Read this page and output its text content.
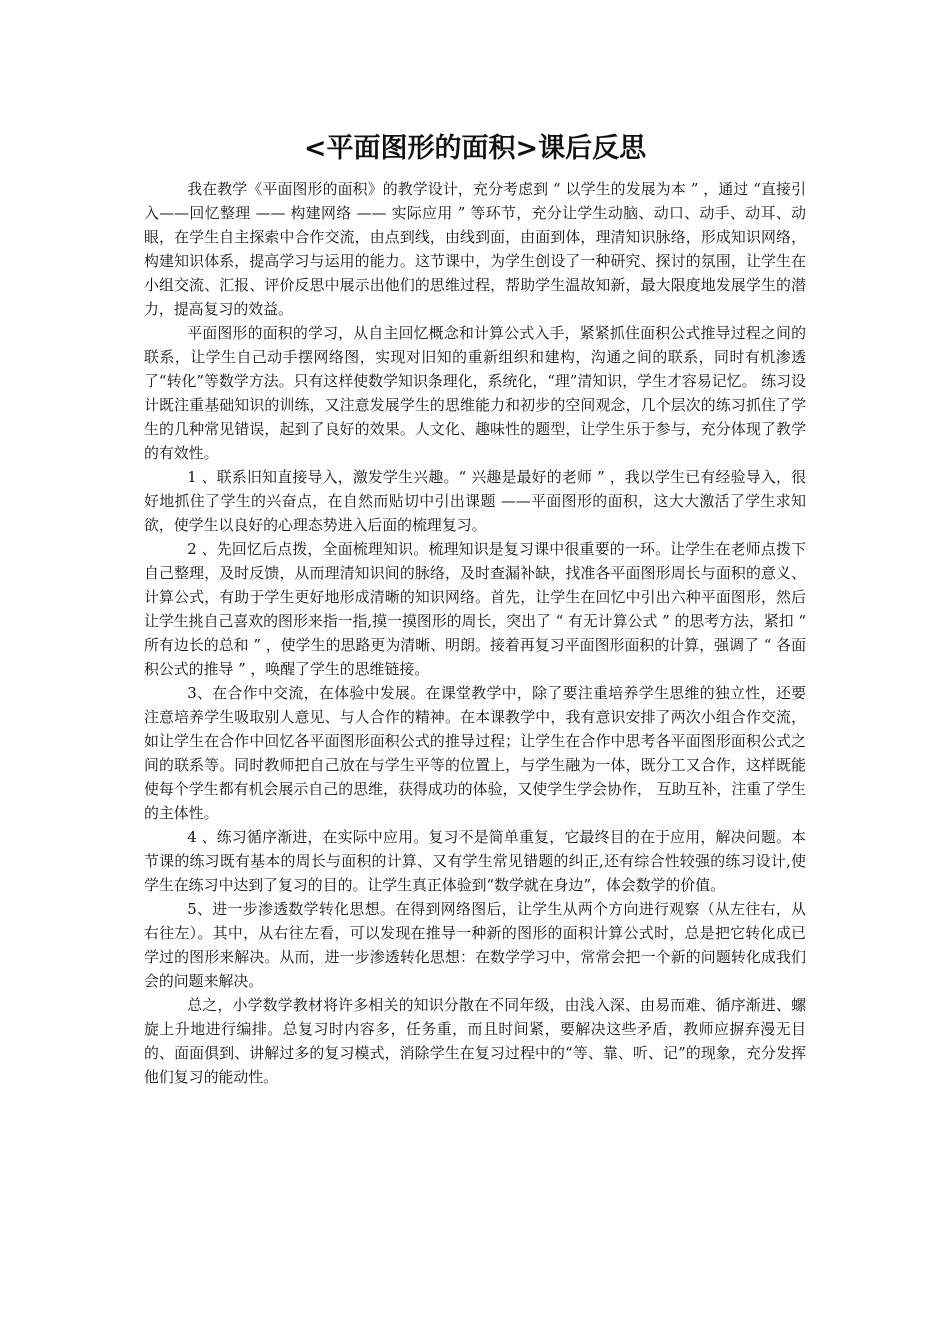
<平面图形的面积>课后反思

我在教学《平面图形的面积》的教学设计，充分考虑到 “ 以学生的发展为本 ” ，通过 “直接引入——回忆整理 —— 构建网络 —— 实际应用 ” 等环节，充分让学生动脑、动口、动手、动耳、动眼，在学生自主探索中合作交流，由点到线，由线到面，由面到体，理清知识脉络，形成知识网络，构建知识体系，提高学习与运用的能力。这节课中，为学生创设了一种研究、探讨的氛围，让学生在小组交流、汇报、评价反思中展示出他们的思维过程，帮助学生温故知新，最大限度地发展学生的潜力，提高复习的效益。

平面图形的面积的学习，从自主回忆概念和计算公式入手，紧紧抓住面积公式推导过程之间的联系，让学生自己动手摆网络图，实现对旧知的重新组织和建构，沟通之间的联系，同时有机渗透了“转化”等数学方法。只有这样使数学知识条理化，系统化，“理”清知识，学生才容易记忆。 练习设计既注重基础知识的训练，又注意发展学生的思维能力和初步的空间观念，几个层次的练习抓住了学生的几种常见错误，起到了良好的效果。人文化、趣味性的题型，让学生乐于参与，充分体现了教学的有效性。

1 、联系旧知直接导入，激发学生兴趣。“ 兴趣是最好的老师 ” ，我以学生已有经验导入，很好地抓住了学生的兴奋点，在自然而贴切中引出课题 ——平面图形的面积，这大大激活了学生求知欲，使学生以良好的心理态势进入后面的梳理复习。

2 、先回忆后点拨，全面梳理知识。梳理知识是复习课中很重要的一环。让学生在老师点拨下自己整理，及时反馈，从而理清知识间的脉络，及时查漏补缺，找准各平面图形周长与面积的意义、计算公式，有助于学生更好地形成清晰的知识网络。首先，让学生在回忆中引出六种平面图形，然后让学生挑自己喜欢的图形来指一指,摸一摸图形的周长，突出了 “ 有无计算公式 ” 的思考方法，紧扣 “ 所有边长的总和 ” ，使学生的思路更为清晰、明朗。接着再复习平面图形面积的计算，强调了 “ 各面积公式的推导 ” ，唤醒了学生的思维链接。

3、在合作中交流，在体验中发展。在课堂教学中，除了要注重培养学生思维的独立性，还要注意培养学生吸取别人意见、与人合作的精神。在本课教学中，我有意识安排了两次小组合作交流，如让学生在合作中回忆各平面图形面积公式的推导过程；让学生在合作中思考各平面图形面积公式之间的联系等。同时教师把自己放在与学生平等的位置上，与学生融为一体，既分工又合作，这样既能使每个学生都有机会展示自己的思维，获得成功的体验，又使学生学会协作， 互助互补，注重了学生的主体性。

4 、练习循序渐进，在实际中应用。复习不是简单重复，它最终目的在于应用，解决问题。本节课的练习既有基本的周长与面积的计算、又有学生常见错题的纠正,还有综合性较强的练习设计,使学生在练习中达到了复习的目的。让学生真正体验到“数学就在身边”，体会数学的价值。

5、进一步渗透数学转化思想。在得到网络图后，让学生从两个方向进行观察（从左往右，从右往左）。其中，从右往左看，可以发现在推导一种新的图形的面积计算公式时，总是把它转化成已学过的图形来解决。从而，进一步渗透转化思想：在数学学习中，常常会把一个新的问题转化成我们会的问题来解决。

总之，小学数学教材将许多相关的知识分散在不同年级，由浅入深、由易而难、循序渐进、螺旋上升地进行编排。总复习时内容多，任务重，而且时间紧，要解决这些矛盾，教师应摒弃漫无目的、面面俱到、讲解过多的复习模式，消除学生在复习过程中的“等、靠、听、记”的现象，充分发挥他们复习的能动性。
